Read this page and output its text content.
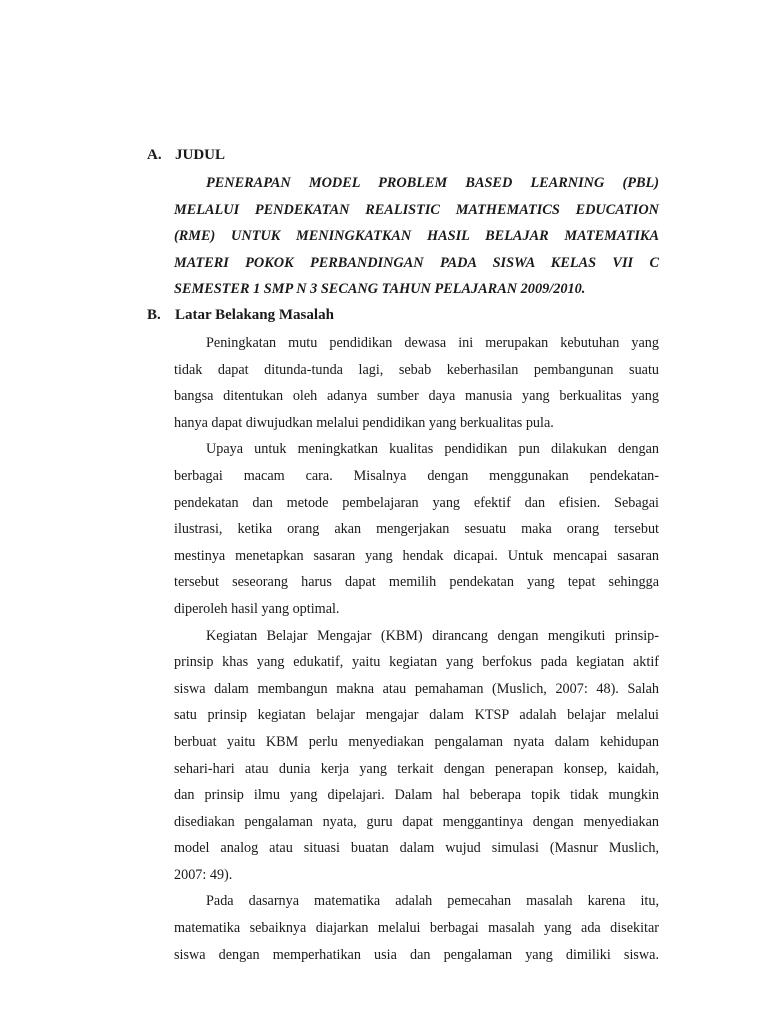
A. JUDUL
PENERAPAN MODEL PROBLEM BASED LEARNING (PBL)
MELALUI PENDEKATAN REALISTIC MATHEMATICS EDUCATION
(RME) UNTUK MENINGKATKAN HASIL BELAJAR MATEMATIKA
MATERI POKOK PERBANDINGAN PADA SISWA KELAS VII C
SEMESTER 1 SMP N 3 SECANG TAHUN PELAJARAN 2009/2010.
B. Latar Belakang Masalah
Peningkatan mutu pendidikan dewasa ini merupakan kebutuhan yang
tidak dapat ditunda-tunda lagi, sebab keberhasilan pembangunan suatu
bangsa ditentukan oleh adanya sumber daya manusia yang berkualitas yang
hanya dapat diwujudkan melalui pendidikan yang berkualitas pula.
Upaya untuk meningkatkan kualitas pendidikan pun dilakukan dengan
berbagai macam cara. Misalnya dengan menggunakan pendekatan-
pendekatan dan metode pembelajaran yang efektif dan efisien. Sebagai
ilustrasi, ketika orang akan mengerjakan sesuatu maka orang tersebut
mestinya menetapkan sasaran yang hendak dicapai. Untuk mencapai sasaran
tersebut seseorang harus dapat memilih pendekatan yang tepat sehingga
diperoleh hasil yang optimal.
Kegiatan Belajar Mengajar (KBM) dirancang dengan mengikuti prinsip-
prinsip khas yang edukatif, yaitu kegiatan yang berfokus pada kegiatan aktif
siswa dalam membangun makna atau pemahaman (Muslich, 2007: 48). Salah
satu prinsip kegiatan belajar mengajar dalam KTSP adalah belajar melalui
berbuat yaitu KBM perlu menyediakan pengalaman nyata dalam kehidupan
sehari-hari atau dunia kerja yang terkait dengan penerapan konsep, kaidah,
dan prinsip ilmu yang dipelajari. Dalam hal beberapa topik tidak mungkin
disediakan pengalaman nyata, guru dapat menggantinya dengan menyediakan
model analog atau situasi buatan dalam wujud simulasi (Masnur Muslich,
2007: 49).
Pada dasarnya matematika adalah pemecahan masalah karena itu,
matematika sebaiknya diajarkan melalui berbagai masalah yang ada disekitar
siswa dengan memperhatikan usia dan pengalaman yang dimiliki siswa.
